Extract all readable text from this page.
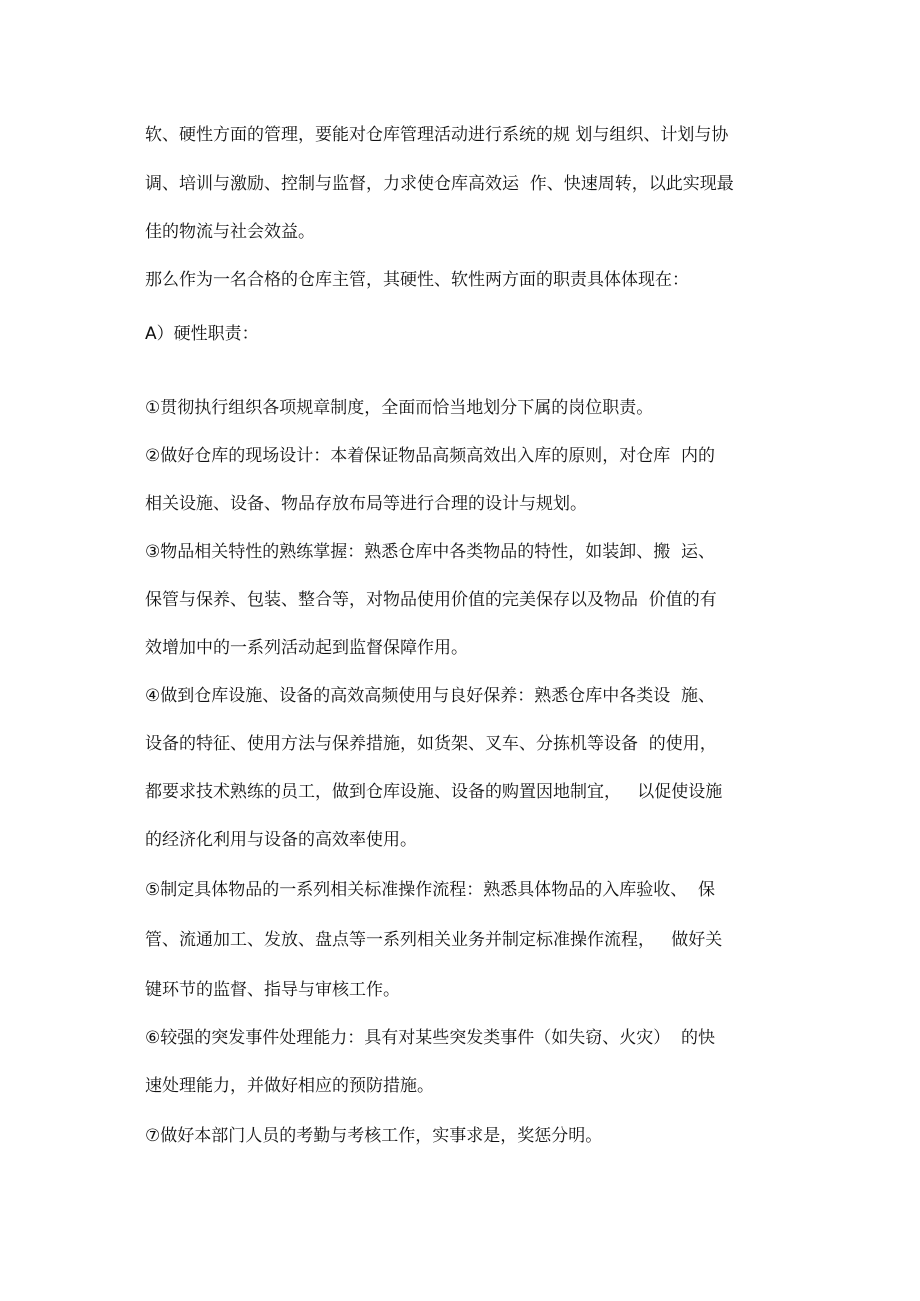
软、硬性方面的管理，要能对仓库管理活动进行系统的规 划与组织、计划与协
调、培训与激励、控制与监督，力求使仓库高效运  作、快速周转，以此实现最
佳的物流与社会效益。
那么作为一名合格的仓库主管，其硬性、软性两方面的职责具体体现在：
A）硬性职责：
①贯彻执行组织各项规章制度，全面而恰当地划分下属的岗位职责。
②做好仓库的现场设计：本着保证物品高频高效出入库的原则，对仓库  内的
相关设施、设备、物品存放布局等进行合理的设计与规划。
③物品相关特性的熟练掌握：熟悉仓库中各类物品的特性，如装卸、搬  运、
保管与保养、包装、整合等，对物品使用价值的完美保存以及物品  价值的有
效增加中的一系列活动起到监督保障作用。
④做到仓库设施、设备的高效高频使用与良好保养：熟悉仓库中各类设  施、
设备的特征、使用方法与保养措施，如货架、叉车、分拣机等设备  的使用，
都要求技术熟练的员工，做到仓库设施、设备的购置因地制宜，   以促使设施
的经济化利用与设备的高效率使用。
⑤制定具体物品的一系列相关标准操作流程：熟悉具体物品的入库验收、  保
管、流通加工、发放、盘点等一系列相关业务并制定标准操作流程，   做好关
键环节的监督、指导与审核工作。
⑥较强的突发事件处理能力：具有对某些突发类事件（如失窃、火灾）  的快
速处理能力，并做好相应的预防措施。
⑦做好本部门人员的考勤与考核工作，实事求是，奖惩分明。
